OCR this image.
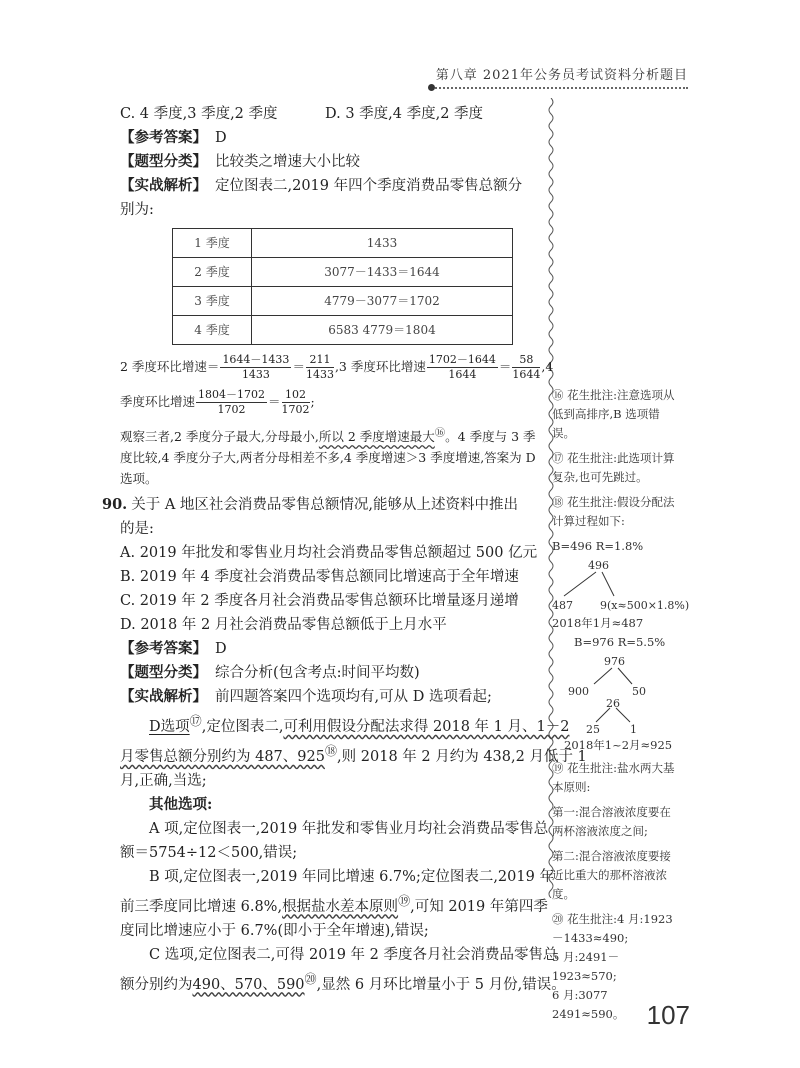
第八章 2021年公务员考试资料分析题目
C. 4 季度,3 季度,2 季度	D. 3 季度,4 季度,2 季度
【参考答案】 D
【题型分类】 比较类之增速大小比较
【实战解析】 定位图表二,2019 年四个季度消费品零售总额分
别为:
1 季度	1433
2 季度	3077－1433＝1644
3 季度	4779－3077＝1702
4 季度	6583 4779＝1804
2 季度环比增速＝ $\frac{1644-1433}{1433} = \frac{211}{1433} ,3$ 季度环比增速 $\frac{1702-1644}{1644} = \frac{58}{1644} ,4$
季度环比增速 $\frac{1804-1702}{1702} = \frac{102}{1702}$ ;
观察三者,2 季度分子最大,分母最小,所以 2 季度增速最大⑯。4 季度与 3 季
度比较,4 季度分子大,两者分母相差不多,4 季度增速＞3 季度增速,答案为 D
选项。
90. 关于 A 地区社会消费品零售总额情况,能够从上述资料中推出
的是:
A. 2019 年批发和零售业月均社会消费品零售总额超过 500 亿元
B. 2019 年 4 季度社会消费品零售总额同比增速高于全年增速
C. 2019 年 2 季度各月社会消费品零售总额环比增量逐月递增
D. 2018 年 2 月社会消费品零售总额低于上月水平
【参考答案】 D
【题型分类】 综合分析(包含考点:时间平均数)
【实战解析】 前四题答案四个选项均有,可从 D 选项看起;
D选项⑰,定位图表二,可利用假设分配法求得 2018 年 1 月、1－2
月零售总额分别约为 487、925⑱,则 2018 年 2 月约为 438,2 月低于 1
月,正确,当选;
其他选项:
A 项,定位图表一,2019 年批发和零售业月均社会消费品零售总
额＝5754÷12＜500,错误;
B 项,定位图表一,2019 年同比增速 6.7%;定位图表二,2019 年
前三季度同比增速 6.8%,根据盐水差本原则⑲,可知 2019 年第四季
度同比增速应小于 6.7%(即小于全年增速),错误;
C 选项,定位图表二,可得 2019 年 2 季度各月社会消费品零售总
额分别约为490、570、590⑳,显然 6 月环比增量小于 5 月份,错误。
⑯ 花生批注:注意选项从低到高排序,B 选项错误。
⑰ 花生批注:此选项计算复杂,也可先跳过。
⑱ 花生批注:假设分配法计算过程如下:
B=496 R=1.8%
496
487 9(x≈500×1.8%)
2018年1月≈487
B=976 R=5.5%
976
900	50
26
25	1
2018年1~2月≈925
⑲ 花生批注:盐水两大基本原则:
第一:混合溶液浓度要在两杯溶液浓度之间;
第二:混合溶液浓度要接近比重大的那杯溶液浓度。
⑳ 花生批注:4 月:1923－1433≈490;
5 月:2491－1923≈570;
6 月:3077 2491≈590。 107
